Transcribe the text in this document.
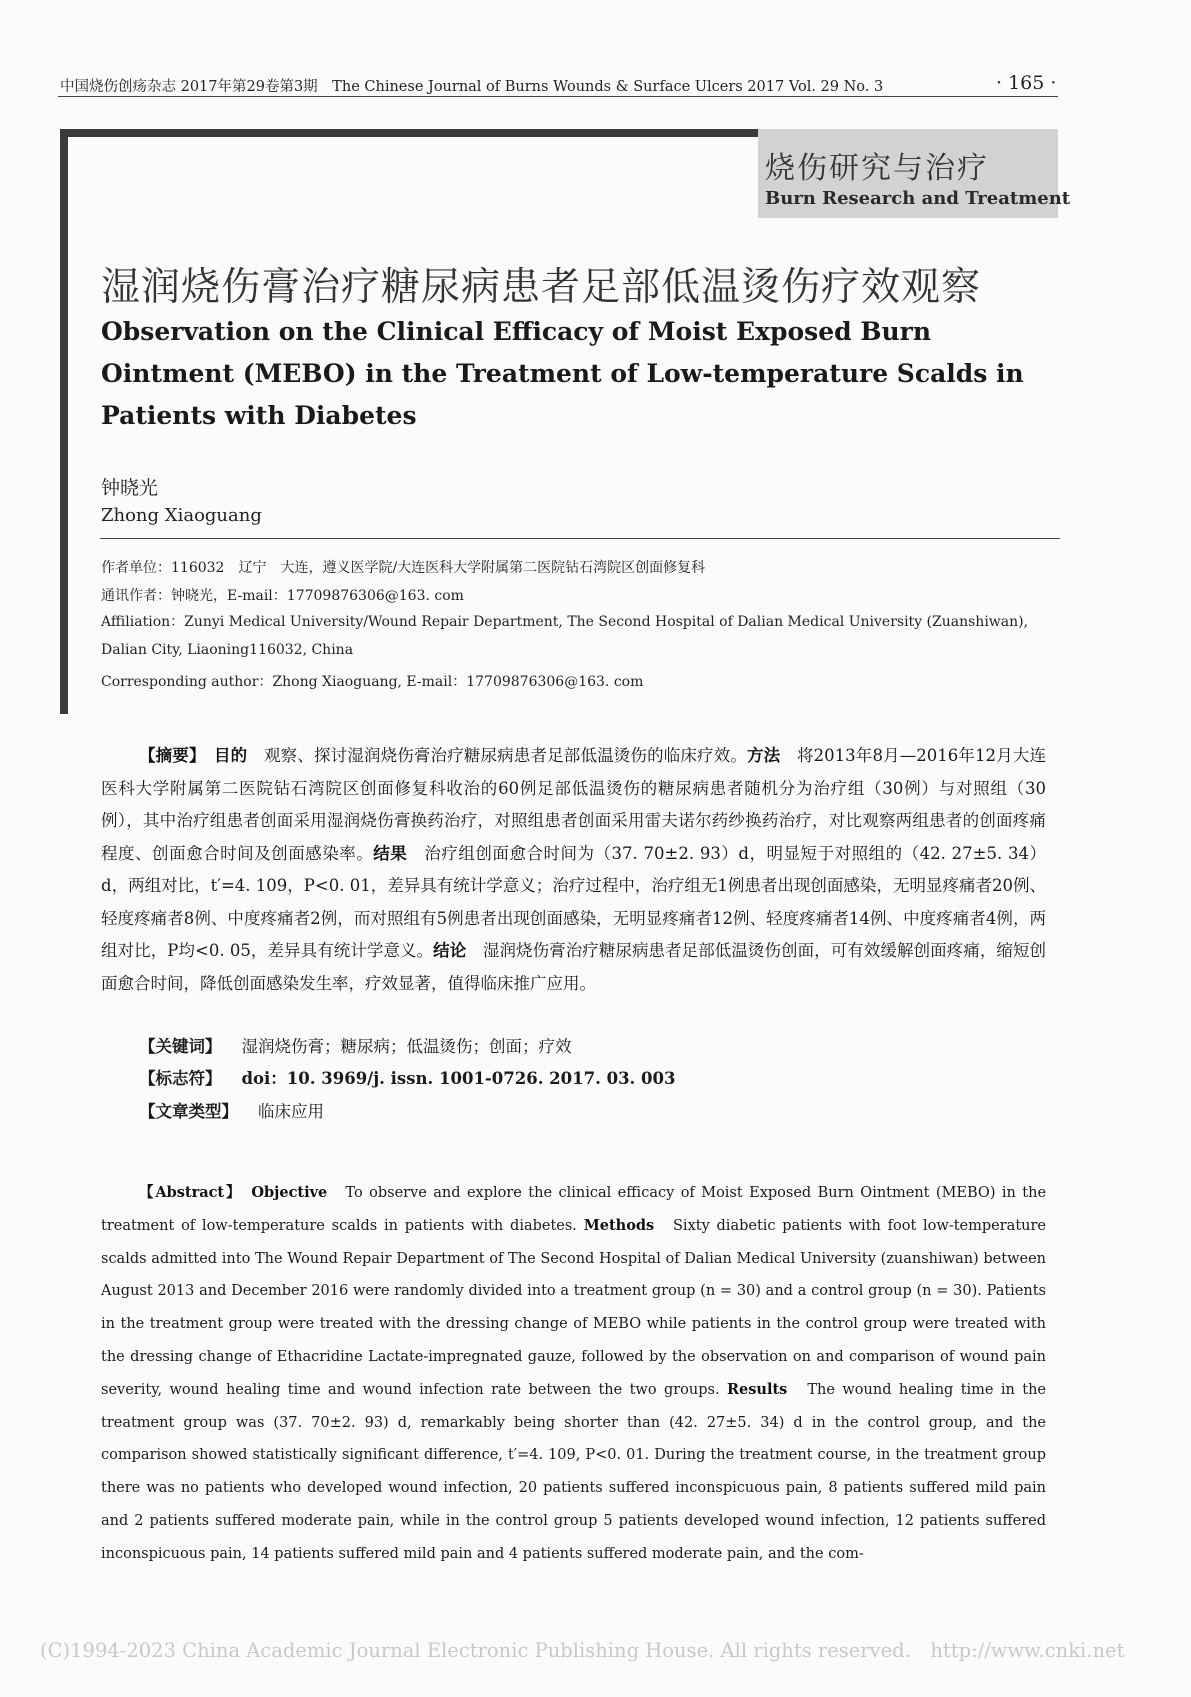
中国烧伤创疡杂志 2017年第29卷第3期　The Chinese Journal of Burns Wounds & Surface Ulcers 2017 Vol. 29 No. 3	· 165 ·
烧伤研究与治疗
Burn Research and Treatment
湿润烧伤膏治疗糖尿病患者足部低温烫伤疗效观察
Observation on the Clinical Efficacy of Moist Exposed Burn Ointment (MEBO) in the Treatment of Low-temperature Scalds in Patients with Diabetes
钟晓光
Zhong Xiaoguang
作者单位：116032　辽宁　大连，遵义医学院/大连医科大学附属第二医院钻石湾院区创面修复科
通讯作者：钟晓光，E-mail：17709876306@163. com
Affiliation：Zunyi Medical University/Wound Repair Department, The Second Hospital of Dalian Medical University (Zuanshiwan), Dalian City, Liaoning116032, China
Corresponding author：Zhong Xiaoguang, E-mail：17709876306@163. com

【摘要】　 目的　 观察、探讨湿润烧伤膏治疗糖尿病患者足部低温烫伤的临床疗效。方法　 将2013年8月—2016年12月大连医科大学附属第二医院钻石湾院区创面修复科收治的60例足部低温烫伤的糖尿病患者随机分为治疗组（30例）与对照组（30例），其中治疗组患者创面采用湿润烧伤膏换药治疗，对照组患者创面采用雷夫诺尔药纱换药治疗，对比观察两组患者的创面疼痛程度、创面愈合时间及创面感染率。结果　 治疗组创面愈合时间为（37. 70±2. 93）d，明显短于对照组的（42. 27±5. 34）d，两组对比，t′=4. 109，P<0. 01，差异具有统计学意义；治疗过程中，治疗组无1例患者出现创面感染，无明显疼痛者20例、轻度疼痛者8例、中度疼痛者2例，而对照组有5例患者出现创面感染，无明显疼痛者12例、轻度疼痛者14例、中度疼痛者4例，两组对比，P均<0. 05，差异具有统计学意义。结论　 湿润烧伤膏治疗糖尿病患者足部低温烫伤创面，可有效缓解创面疼痛，缩短创面愈合时间，降低创面感染发生率，疗效显著，值得临床推广应用。

【关键词】 湿润烧伤膏；糖尿病；低温烫伤；创面；疗效
【标志符】 doi：10. 3969/j. issn. 1001-0726. 2017. 03. 003
【文章类型】 临床应用

【Abstract】　 Objective　 To observe and explore the clinical efficacy of Moist Exposed Burn Ointment (MEBO) in the treatment of low-temperature scalds in patients with diabetes. Methods　 Sixty diabetic patients with foot low-temperature scalds admitted into The Wound Repair Department of The Second Hospital of Dalian Medical University (zuanshiwan) between August 2013 and December 2016 were randomly divided into a treatment group (n = 30) and a control group (n = 30). Patients in the treatment group were treated with the dressing change of MEBO while patients in the control group were treated with the dressing change of Ethacridine Lactate-impregnated gauze, followed by the observation on and comparison of wound pain severity, wound healing time and wound infection rate between the two groups. Results　 The wound healing time in the treatment group was (37. 70±2. 93) d, remarkably being shorter than (42. 27±5. 34) d in the control group, and the comparison showed statistically significant difference, t′=4. 109, P<0. 01. During the treatment course, in the treatment group there was no patients who developed wound infection, 20 patients suffered inconspicuous pain, 8 patients suffered mild pain and 2 patients suffered moderate pain, while in the control group 5 patients developed wound infection, 12 patients suffered inconspicuous pain, 14 patients suffered mild pain and 4 patients suffered moderate pain, and the com-

(C)1994-2023 China Academic Journal Electronic Publishing House. All rights reserved.　http://www.cnki.net
